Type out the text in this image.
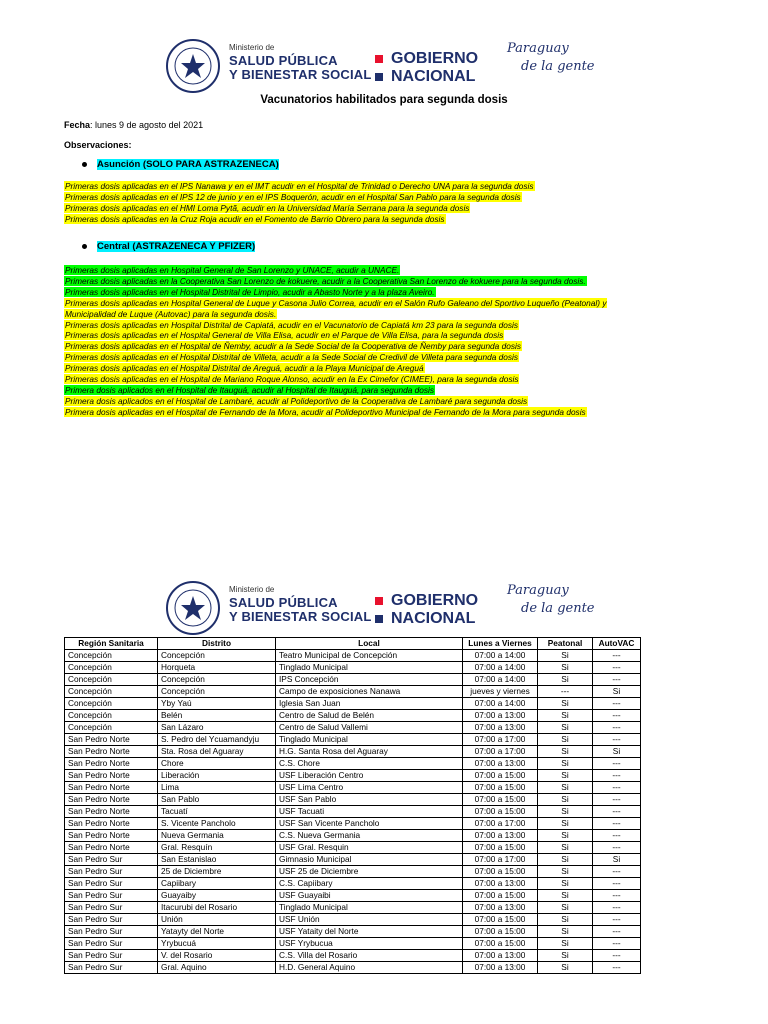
Ministerio de
SALUD PÚBLICA
Y BIENESTAR SOCIAL
GOBIERNO
NACIONAL
Paraguay
de la gente
Vacunatorios habilitados para segunda dosis
Fecha: lunes 9 de agosto del 2021
Observaciones:
Asunción (SOLO PARA ASTRAZENECA)
Primeras dosis aplicadas en el IPS Nanawa y en el IMT acudir en el Hospital de Trinidad o Derecho UNA para la segunda dosis
Primeras dosis aplicadas en el IPS 12 de junio y en el IPS Boquerón, acudir en el Hospital San Pablo para la segunda dosis
Primeras dosis aplicadas en el HMI Loma Pytã, acudir en la Universidad María Serrana para la segunda dosis
Primeras dosis aplicadas en la Cruz Roja acudir en el Fomento de Barrio Obrero para la segunda dosis
Central (ASTRAZENECA Y PFIZER)
Primeras dosis aplicadas en Hospital General de San Lorenzo y UNACE, acudir a UNACE.
Primeras dosis aplicadas en la Cooperativa San Lorenzo de kokuere, acudir a la Cooperativa San Lorenzo de kokuere para la segunda dosis.
Primeras dosis aplicadas en el Hospital Distrital de Limpio, acudir a Abasto Norte y a la plaza Aveiro.
Primeras dosis aplicadas en Hospital General de Luque y Casona Julio Correa, acudir en el Salón Rufo Galeano del Sportivo Luqueño (Peatonal) y
Municipalidad de Luque (Autovac) para la segunda dosis.
Primeras dosis aplicadas en Hospital Distrital de Capiatá, acudir en el Vacunatorio de Capiatá km 23 para la segunda dosis
Primeras dosis aplicadas en el Hospital General de Villa Elisa, acudir en el Parque de Villa Elisa, para la segunda dosis
Primeras dosis aplicadas en el Hospital de Ñemby, acudir a la Sede Social de la Cooperativa de Ñemby para segunda dosis
Primeras dosis aplicadas en el Hospital Distrital de Villeta, acudir a la Sede Social de Credivil de Villeta para segunda dosis
Primeras dosis aplicadas en el Hospital Distrital de Areguá, acudir a la Playa Municipal de Areguá
Primeras dosis aplicadas en el Hospital de Mariano Roque Alonso, acudir en la Ex Cimefor (CIMEE), para la segunda dosis
Primera dosis aplicados en el Hospital de Itauguá, acudir al Hospital de Itauguá, para segunda dosis
Primera dosis aplicados en el Hospital de Lambaré, acudir al Polideportivo de la Cooperativa de Lambaré para segunda dosis
Primera dosis aplicadas en el Hospital de Fernando de la Mora, acudir al Polideportivo Municipal de Fernando de la Mora para segunda dosis
Ministerio de
SALUD PÚBLICA
Y BIENESTAR SOCIAL
GOBIERNO
NACIONAL
Paraguay
de la gente
Región Sanitaria	Distrito	Local	Lunes a Viernes	Peatonal	AutoVAC
Concepción	Concepción	Teatro Municipal de Concepción	07:00 a 14:00	Si	---
Concepción	Horqueta	Tinglado Municipal	07:00 a 14:00	Si	---
Concepción	Concepción	IPS Concepción	07:00 a 14:00	Si	---
Concepción	Concepción	Campo de exposiciones Nanawa	jueves y viernes	---	Si
Concepción	Yby Yaú	Iglesia San Juan	07:00 a 14:00	Si	---
Concepción	Belén	Centro de Salud de Belén	07:00 a 13:00	Si	---
Concepción	San Lázaro	Centro de Salud Vallemi	07:00 a 13:00	Si	---
San Pedro Norte	S. Pedro del Ycuamandyju	Tinglado Municipal	07:00 a 17:00	Si	---
San Pedro Norte	Sta. Rosa del Aguaray	H.G. Santa Rosa del Aguaray	07:00 a 17:00	Si	Si
San Pedro Norte	Chore	C.S. Chore	07:00 a 13:00	Si	---
San Pedro Norte	Liberación	USF Liberación Centro	07:00 a 15:00	Si	---
San Pedro Norte	Lima	USF Lima Centro	07:00 a 15:00	Si	---
San Pedro Norte	San Pablo	USF San Pablo	07:00 a 15:00	Si	---
San Pedro Norte	Tacuatí	USF Tacuati	07:00 a 15:00	Si	---
San Pedro Norte	S. Vicente Pancholo	USF San Vicente Pancholo	07:00 a 17:00	Si	---
San Pedro Norte	Nueva Germania	C.S. Nueva Germania	07:00 a 13:00	Si	---
San Pedro Norte	Gral. Resquín	USF Gral. Resquin	07:00 a 15:00	Si	---
San Pedro Sur	San Estanislao	Gimnasio Municipal	07:00 a 17:00	Si	Si
San Pedro Sur	25 de Diciembre	USF 25 de Diciembre	07:00 a 15:00	Si	---
San Pedro Sur	Capiibary	C.S. Capiibary	07:00 a 13:00	Si	---
San Pedro Sur	Guayaiby	USF Guayaibi	07:00 a 15:00	Si	---
San Pedro Sur	Itacurubi del Rosario	Tinglado Municipal	07:00 a 13:00	Si	---
San Pedro Sur	Unión	USF Unión	07:00 a 15:00	Si	---
San Pedro Sur	Yatayty del Norte	USF Yataity del Norte	07:00 a 15:00	Si	---
San Pedro Sur	Yrybucuá	USF Yrybucua	07:00 a 15:00	Si	---
San Pedro Sur	V. del Rosario	C.S. Villa del Rosario	07:00 a 13:00	Si	---
San Pedro Sur	Gral. Aquino	H.D. General Aquino	07:00 a 13:00	Si	---
